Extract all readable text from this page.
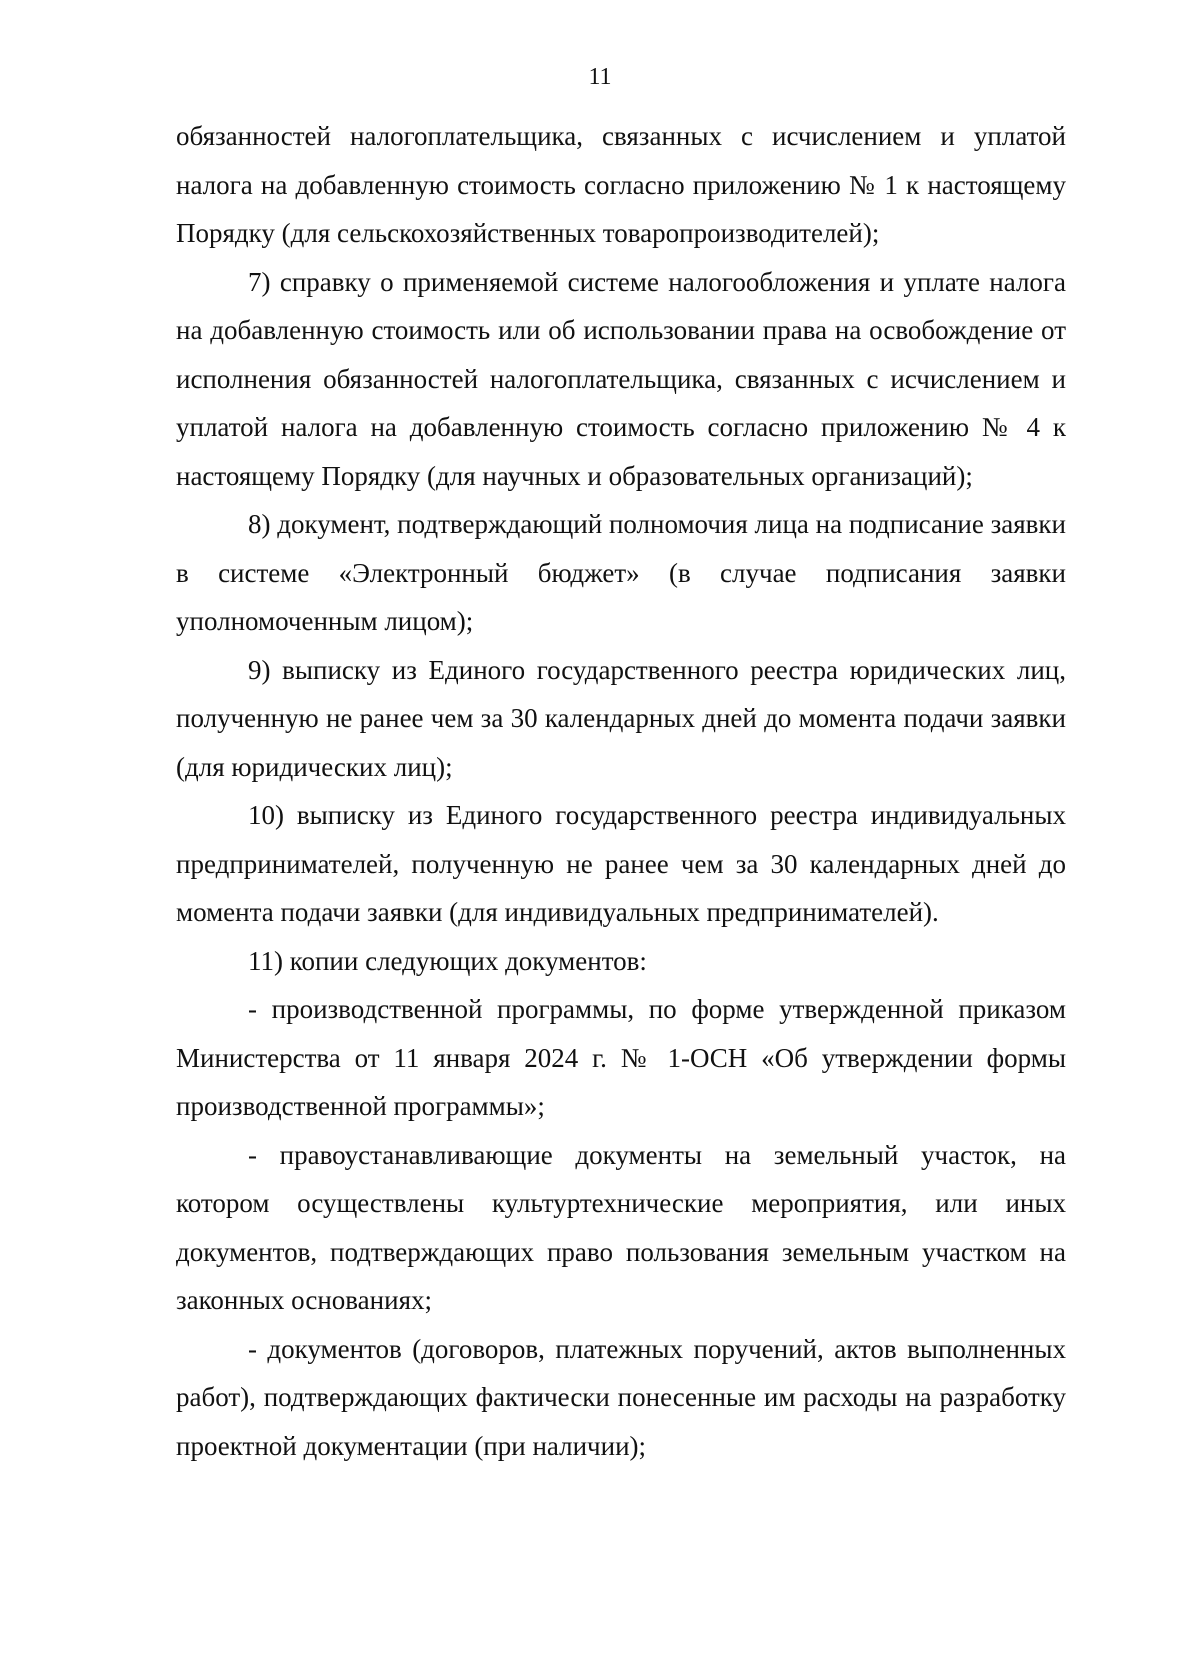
11

обязанностей налогоплательщика, связанных с исчислением и уплатой налога на добавленную стоимость согласно приложению № 1 к настоящему Порядку (для сельскохозяйственных товаропроизводителей);

7) справку о применяемой системе налогообложения и уплате налога на добавленную стоимость или об использовании права на освобождение от исполнения обязанностей налогоплательщика, связанных с исчислением и уплатой налога на добавленную стоимость согласно приложению № 4 к настоящему Порядку (для научных и образовательных организаций);

8) документ, подтверждающий полномочия лица на подписание заявки в системе «Электронный бюджет» (в случае подписания заявки уполномоченным лицом);

9) выписку из Единого государственного реестра юридических лиц, полученную не ранее чем за 30 календарных дней до момента подачи заявки (для юридических лиц);

10) выписку из Единого государственного реестра индивидуальных предпринимателей, полученную не ранее чем за 30 календарных дней до момента подачи заявки (для индивидуальных предпринимателей).

11) копии следующих документов:

- производственной программы, по форме утвержденной приказом Министерства от 11 января 2024 г. № 1-ОСН «Об утверждении формы производственной программы»;

- правоустанавливающие документы на земельный участок, на котором осуществлены культуртехнические мероприятия, или иных документов, подтверждающих право пользования земельным участком на законных основаниях;

- документов (договоров, платежных поручений, актов выполненных работ), подтверждающих фактически понесенные им расходы на разработку проектной документации (при наличии);
